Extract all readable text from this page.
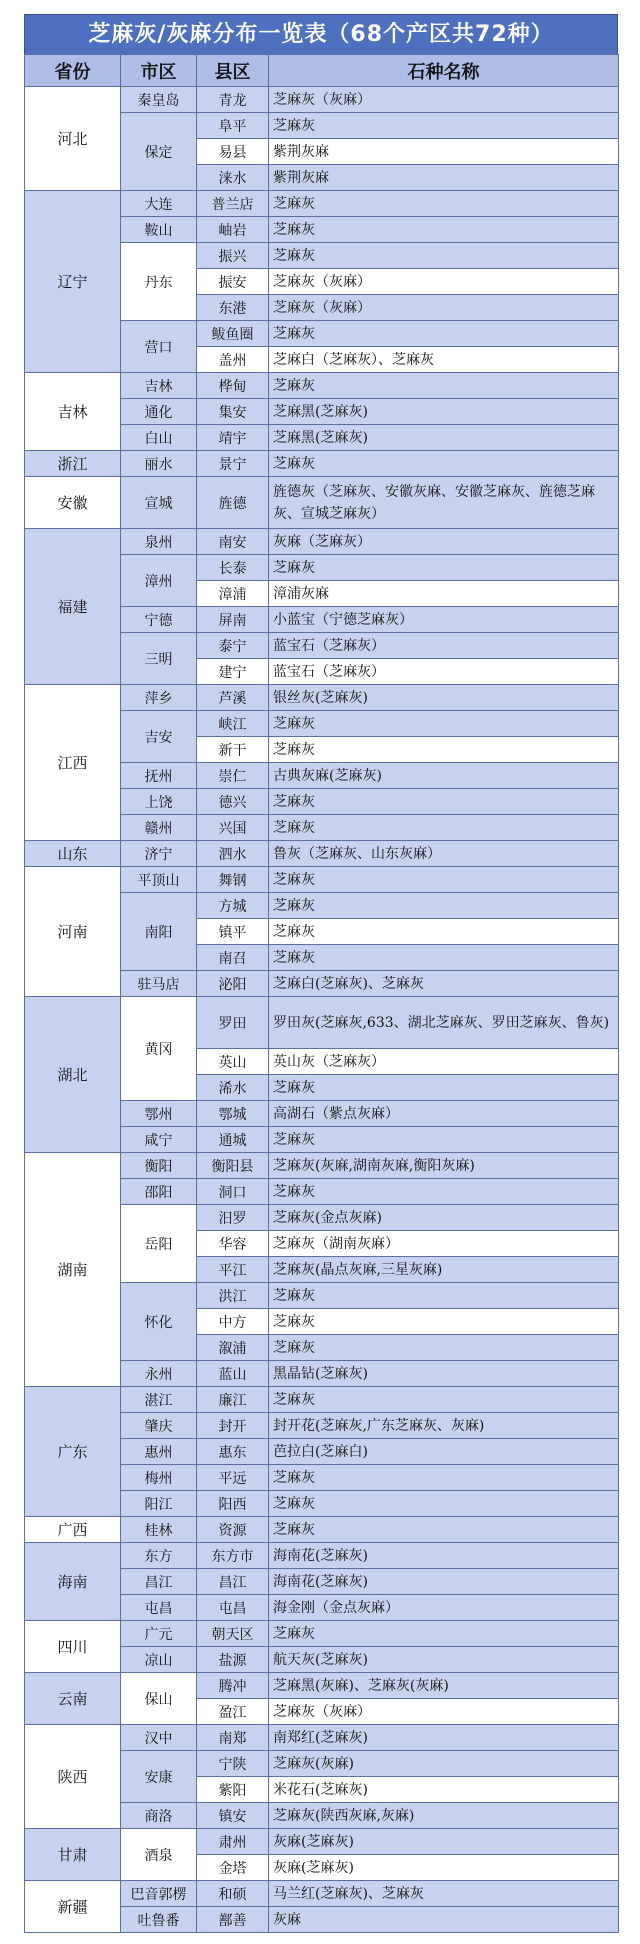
芝麻灰/灰麻分布一览表（68个产区共72种）
省份	市区	县区	石种名称
河北	秦皇岛	青龙	芝麻灰（灰麻）
	保定	阜平	芝麻灰
		易县	紫荆灰麻
		涞水	紫荆灰麻
辽宁	大连	普兰店	芝麻灰
	鞍山	岫岩	芝麻灰
	丹东	振兴	芝麻灰
		振安	芝麻灰（灰麻）
		东港	芝麻灰（灰麻）
	营口	鲅鱼圈	芝麻灰
		盖州	芝麻白（芝麻灰）、芝麻灰
吉林	吉林	桦甸	芝麻灰
	通化	集安	芝麻黑(芝麻灰)
	白山	靖宇	芝麻黑(芝麻灰)
浙江	丽水	景宁	芝麻灰
安徽	宣城	旌德	旌德灰（芝麻灰、安徽灰麻、安徽芝麻灰、旌德芝麻灰、宣城芝麻灰）
福建	泉州	南安	灰麻（芝麻灰）
	漳州	长泰	芝麻灰
		漳浦	漳浦灰麻
	宁德	屏南	小蓝宝（宁德芝麻灰）
	三明	泰宁	蓝宝石（芝麻灰）
		建宁	蓝宝石（芝麻灰）
江西	萍乡	芦溪	银丝灰(芝麻灰)
	吉安	峡江	芝麻灰
		新干	芝麻灰
	抚州	崇仁	古典灰麻(芝麻灰)
	上饶	德兴	芝麻灰
	赣州	兴国	芝麻灰
山东	济宁	泗水	鲁灰（芝麻灰、山东灰麻）
河南	平顶山	舞钢	芝麻灰
	南阳	方城	芝麻灰
		镇平	芝麻灰
		南召	芝麻灰
	驻马店	泌阳	芝麻白(芝麻灰)、芝麻灰
湖北	黄冈	罗田	罗田灰(芝麻灰,633、湖北芝麻灰、罗田芝麻灰、鲁灰)
		英山	英山灰（芝麻灰）
		浠水	芝麻灰
	鄂州	鄂城	高湖石（紫点灰麻）
	咸宁	通城	芝麻灰
湖南	衡阳	衡阳县	芝麻灰(灰麻,湖南灰麻,衡阳灰麻)
	邵阳	洞口	芝麻灰
	岳阳	汨罗	芝麻灰(金点灰麻)
		华容	芝麻灰（湖南灰麻）
		平江	芝麻灰(晶点灰麻,三星灰麻)
	怀化	洪江	芝麻灰
		中方	芝麻灰
		溆浦	芝麻灰
	永州	蓝山	黑晶钻(芝麻灰)
广东	湛江	廉江	芝麻灰
	肇庆	封开	封开花(芝麻灰,广东芝麻灰、灰麻)
	惠州	惠东	芭拉白(芝麻白)
	梅州	平远	芝麻灰
	阳江	阳西	芝麻灰
广西	桂林	资源	芝麻灰
海南	东方	东方市	海南花(芝麻灰)
	昌江	昌江	海南花(芝麻灰)
	屯昌	屯昌	海金刚（金点灰麻）
四川	广元	朝天区	芝麻灰
	凉山	盐源	航天灰(芝麻灰)
云南	保山	腾冲	芝麻黑(灰麻)、芝麻灰(灰麻)
		盈江	芝麻灰（灰麻）
陕西	汉中	南郑	南郑红(芝麻灰)
	安康	宁陕	芝麻灰(灰麻)
		紫阳	米花石(芝麻灰)
	商洛	镇安	芝麻灰(陕西灰麻,灰麻)
甘肃	酒泉	肃州	灰麻(芝麻灰)
		金塔	灰麻(芝麻灰)
新疆	巴音郭楞	和硕	马兰红(芝麻灰)、芝麻灰
	吐鲁番	鄯善	灰麻
